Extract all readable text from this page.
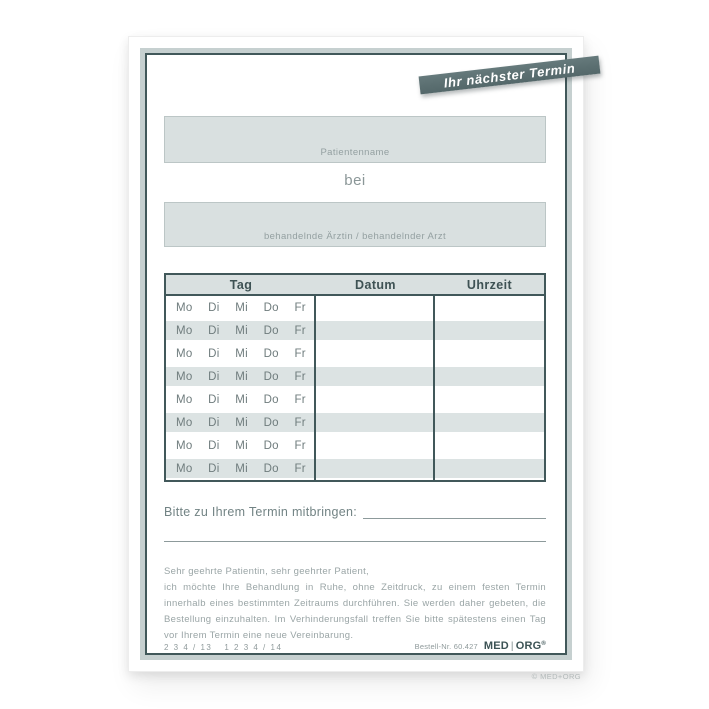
Patientenname
bei
behandelnde Ärztin / behandelnder Arzt
Tag	Datum	Uhrzeit
Mo Di Mi Do Fr
Mo Di Mi Do Fr
Mo Di Mi Do Fr
Mo Di Mi Do Fr
Mo Di Mi Do Fr
Mo Di Mi Do Fr
Mo Di Mi Do Fr
Mo Di Mi Do Fr
Bitte zu Ihrem Termin mitbringen:
Sehr geehrte Patientin, sehr geehrter Patient,
ich möchte Ihre Behandlung in Ruhe, ohne Zeitdruck, zu einem festen Termin innerhalb eines bestimmten Zeitraums durchführen. Sie werden daher gebeten, die Bestellung einzuhalten. Im Verhinderungsfall treffen Sie bitte spätestens einen Tag vor Ihrem Termin eine neue Vereinbarung.
2 3 4 / 13 1 2 3 4 / 14	Bestell-Nr. 60.427 MED | ORG ®
Ihr nächster Termin
© MED+ORG
